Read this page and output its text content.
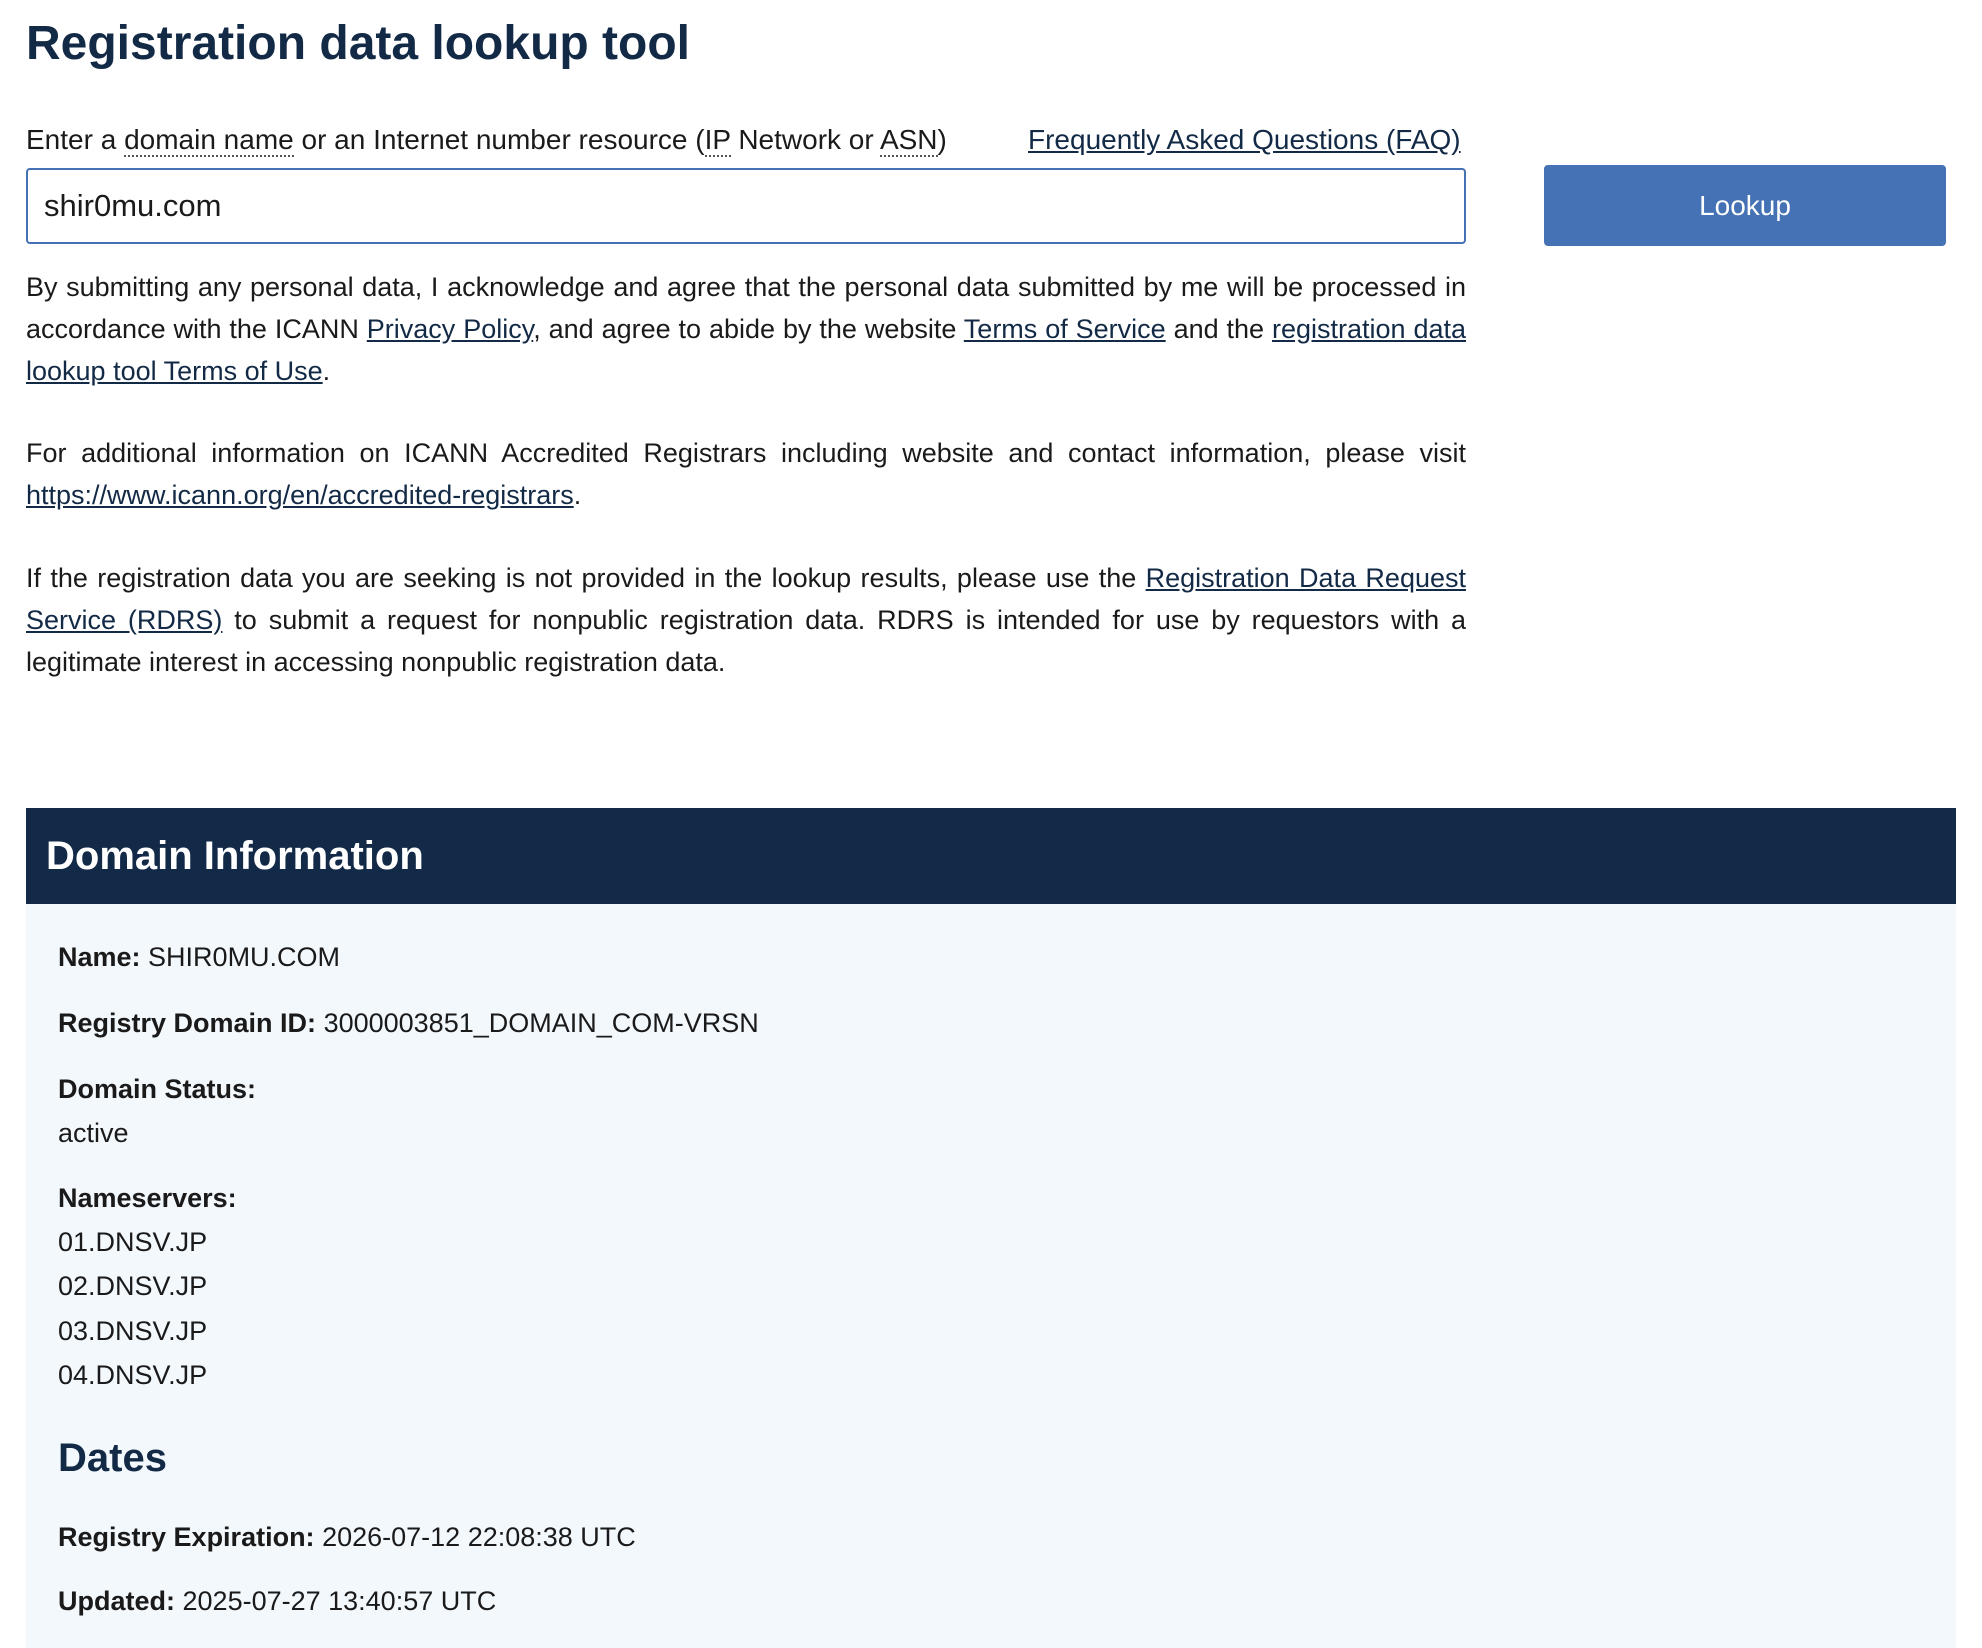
Registration data lookup tool
Enter a domain name or an Internet number resource (IP Network or ASN)	Frequently Asked Questions (FAQ)
shir0mu.com
Lookup

By submitting any personal data, I acknowledge and agree that the personal data submitted by me will be processed in accordance with the ICANN Privacy Policy, and agree to abide by the website Terms of Service and the registration data lookup tool Terms of Use.

For additional information on ICANN Accredited Registrars including website and contact information, please visit https://www.icann.org/en/accredited-registrars.

If the registration data you are seeking is not provided in the lookup results, please use the Registration Data Request Service (RDRS) to submit a request for nonpublic registration data. RDRS is intended for use by requestors with a legitimate interest in accessing nonpublic registration data.

Domain Information
Name: SHIR0MU.COM
Registry Domain ID: 3000003851_DOMAIN_COM-VRSN
Domain Status:
active
Nameservers:
01.DNSV.JP
02.DNSV.JP
03.DNSV.JP
04.DNSV.JP
Dates
Registry Expiration: 2026-07-12 22:08:38 UTC
Updated: 2025-07-27 13:40:57 UTC
